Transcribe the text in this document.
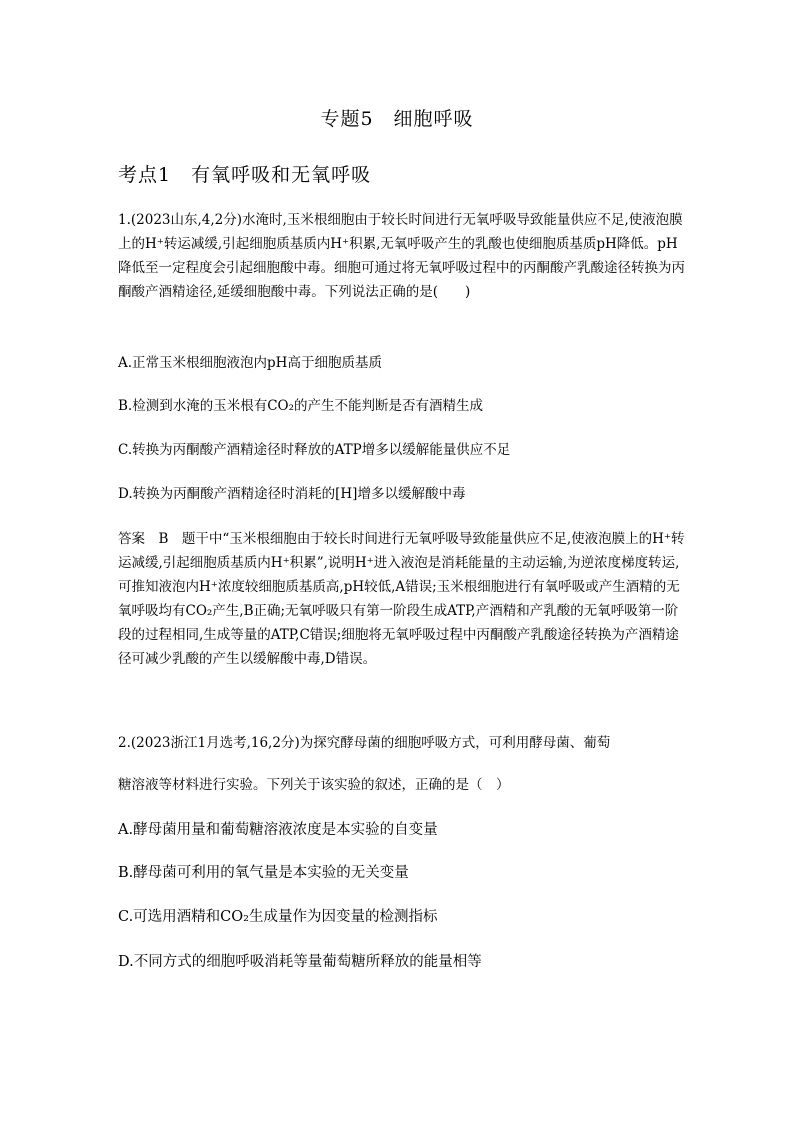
专题5　细胞呼吸
考点1　有氧呼吸和无氧呼吸
1.(2023山东,4,2分)水淹时,玉米根细胞由于较长时间进行无氧呼吸导致能量供应不足,使液泡膜上的H⁺转运减缓,引起细胞质基质内H⁺积累,无氧呼吸产生的乳酸也使细胞质基质pH降低。pH降低至一定程度会引起细胞酸中毒。细胞可通过将无氧呼吸过程中的丙酮酸产乳酸途径转换为丙酮酸产酒精途径,延缓细胞酸中毒。下列说法正确的是(　　)
A.正常玉米根细胞液泡内pH高于细胞质基质
B.检测到水淹的玉米根有CO₂的产生不能判断是否有酒精生成
C.转换为丙酮酸产酒精途径时释放的ATP增多以缓解能量供应不足
D.转换为丙酮酸产酒精途径时消耗的[H]增多以缓解酸中毒
答案　B　题干中“玉米根细胞由于较长时间进行无氧呼吸导致能量供应不足,使液泡膜上的H⁺转运减缓,引起细胞质基质内H⁺积累”,说明H⁺进入液泡是消耗能量的主动运输,为逆浓度梯度转运,可推知液泡内H⁺浓度较细胞质基质高,pH较低,A错误;玉米根细胞进行有氧呼吸或产生酒精的无氧呼吸均有CO₂产生,B正确;无氧呼吸只有第一阶段生成ATP,产酒精和产乳酸的无氧呼吸第一阶段的过程相同,生成等量的ATP,C错误;细胞将无氧呼吸过程中丙酮酸产乳酸途径转换为产酒精途径可减少乳酸的产生以缓解酸中毒,D错误。
2.(2023浙江1月选考,16,2分)为探究酵母菌的细胞呼吸方式，可利用酵母菌、葡萄
糖溶液等材料进行实验。下列关于该实验的叙述，正确的是（　）
A.酵母菌用量和葡萄糖溶液浓度是本实验的自变量
B.酵母菌可利用的氧气量是本实验的无关变量
C.可选用酒精和CO₂生成量作为因变量的检测指标
D.不同方式的细胞呼吸消耗等量葡萄糖所释放的能量相等
